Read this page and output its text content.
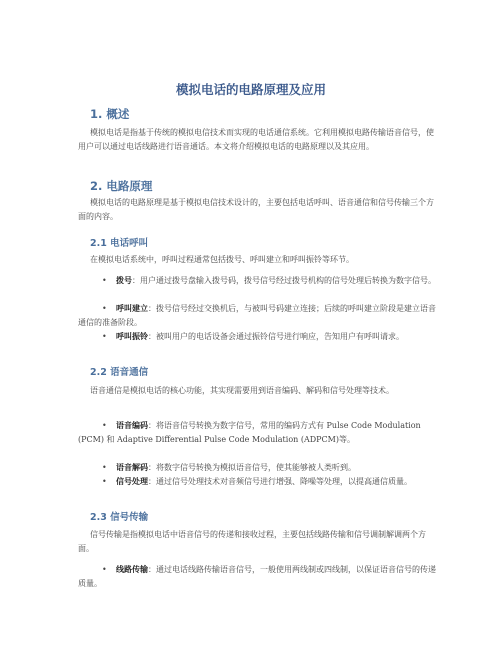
模拟电话的电路原理及应用
1. 概述
模拟电话是指基于传统的模拟电信技术而实现的电话通信系统。它利用模拟电路传输语音信号，使用户可以通过电话线路进行语音通话。本文将介绍模拟电话的电路原理以及其应用。
2. 电路原理
模拟电话的电路原理是基于模拟电信技术设计的，主要包括电话呼叫、语音通信和信号传输三个方面的内容。
2.1 电话呼叫
在模拟电话系统中，呼叫过程通常包括拨号、呼叫建立和呼叫振铃等环节。
• 拨号：用户通过拨号盘输入拨号码，拨号信号经过拨号机构的信号处理后转换为数字信号。
• 呼叫建立：拨号信号经过交换机后，与被叫号码建立连接；后续的呼叫建立阶段是建立语音通信的准备阶段。
• 呼叫振铃：被叫用户的电话设备会通过振铃信号进行响应，告知用户有呼叫请求。
2.2 语音通信
语音通信是模拟电话的核心功能，其实现需要用到语音编码、解码和信号处理等技术。
• 语音编码：将语音信号转换为数字信号，常用的编码方式有 Pulse Code Modulation (PCM) 和 Adaptive Differential Pulse Code Modulation (ADPCM)等。
• 语音解码：将数字信号转换为模拟语音信号，使其能够被人类听到。
• 信号处理：通过信号处理技术对音频信号进行增强、降噪等处理，以提高通信质量。
2.3 信号传输
信号传输是指模拟电话中语音信号的传递和接收过程，主要包括线路传输和信号调制解调两个方面。
• 线路传输：通过电话线路传输语音信号，一般使用两线制或四线制，以保证语音信号的传递质量。
